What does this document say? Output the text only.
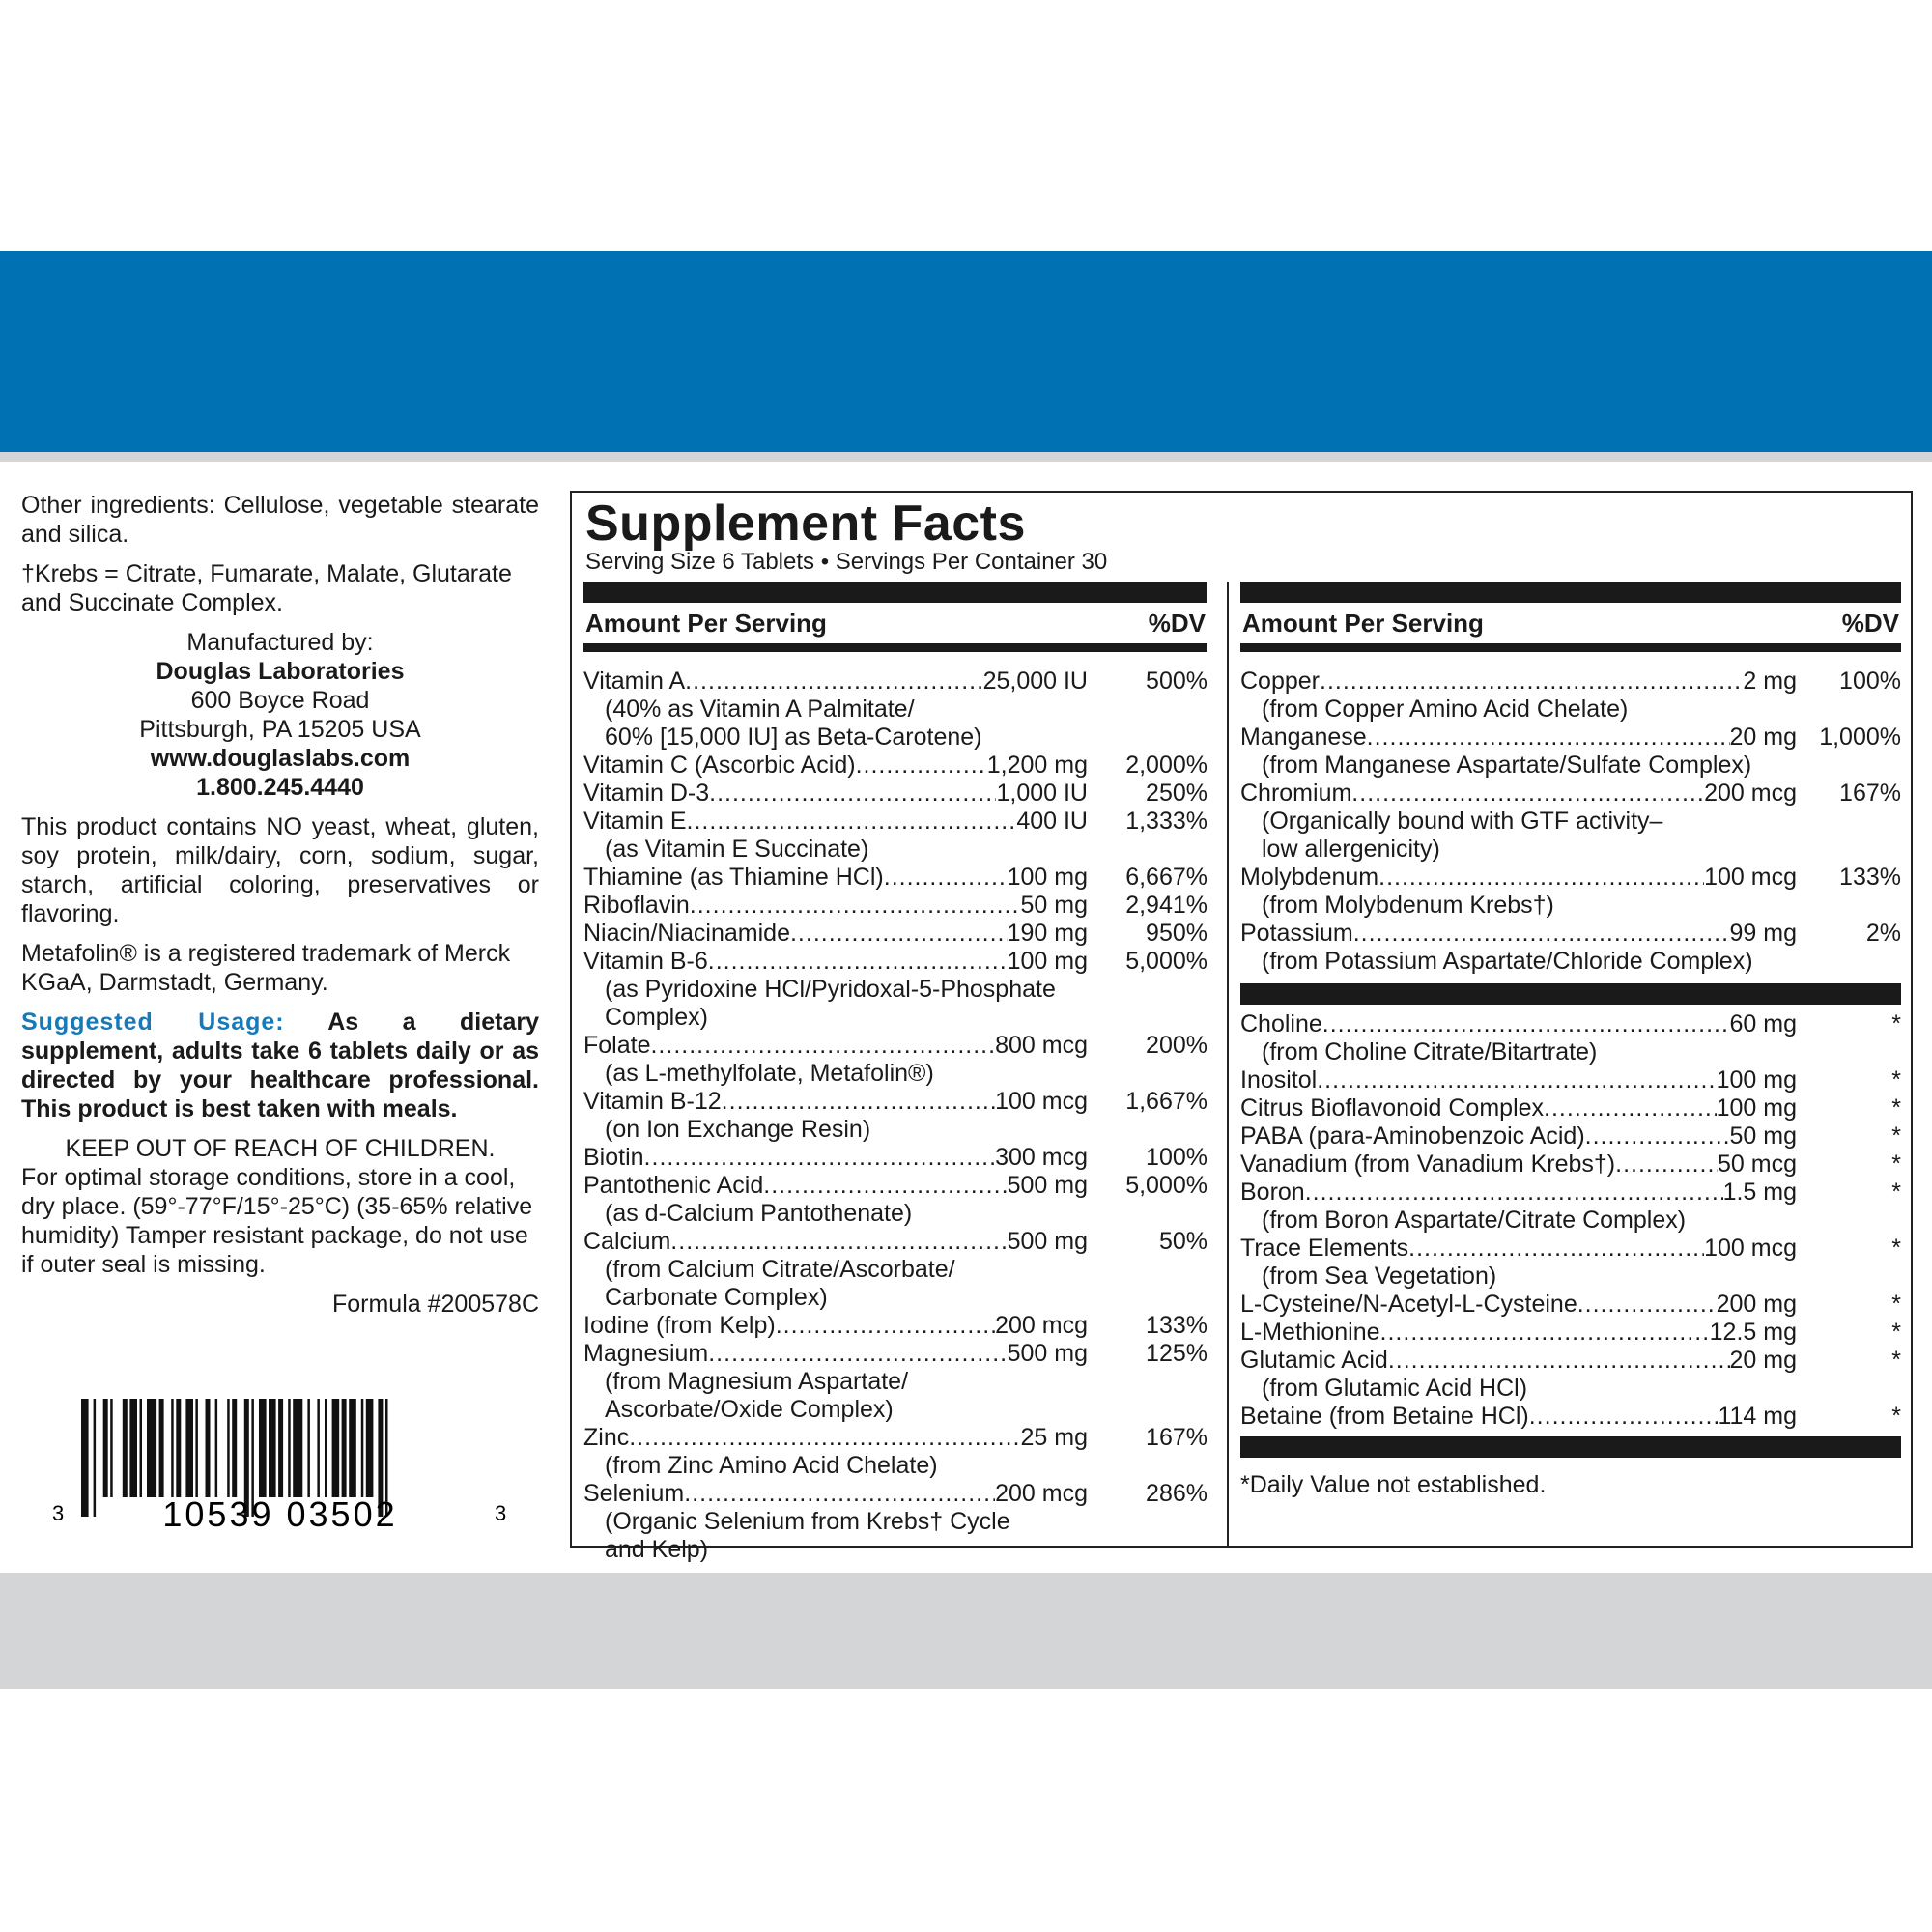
Other ingredients: Cellulose, vegetable stearate and silica.

†Krebs = Citrate, Fumarate, Malate, Glutarate and Succinate Complex.

Manufactured by:
Douglas Laboratories
600 Boyce Road
Pittsburgh, PA 15205 USA
www.douglaslabs.com
1.800.245.4440

This product contains NO yeast, wheat, gluten, soy protein, milk/dairy, corn, sodium, sugar, starch, artificial coloring, preservatives or flavoring.

Metafolin® is a registered trademark of Merck KGaA, Darmstadt, Germany.

Suggested Usage: As a dietary supplement, adults take 6 tablets daily or as directed by your healthcare professional. This product is best taken with meals.

KEEP OUT OF REACH OF CHILDREN.

For optimal storage conditions, store in a cool, dry place. (59°-77°F/15°-25°C) (35-65% relative humidity) Tamper resistant package, do not use if outer seal is missing.

Formula #200578C
3	10539 03502	3
Supplement Facts
Serving Size 6 Tablets • Servings Per Container 30
Amount Per Serving	%DV
Vitamin A .....	25,000 IU	500%
(40% as Vitamin A Palmitate/
60% [15,000 IU] as Beta-Carotene)
Vitamin C (Ascorbic Acid) .....	1,200 mg	2,000%
Vitamin D-3 .....	1,000 IU	250%
Vitamin E .....	400 IU	1,333%
(as Vitamin E Succinate)
Thiamine (as Thiamine HCl) .....	100 mg	6,667%
Riboflavin .....	50 mg	2,941%
Niacin/Niacinamide .....	190 mg	950%
Vitamin B-6 .....	100 mg	5,000%
(as Pyridoxine HCl/Pyridoxal-5-Phosphate
Complex)
Folate .....	800 mcg	200%
(as L-methylfolate, Metafolin®)
Vitamin B-12 .....	100 mcg	1,667%
(on Ion Exchange Resin)
Biotin .....	300 mcg	100%
Pantothenic Acid .....	500 mg	5,000%
(as d-Calcium Pantothenate)
Calcium .....	500 mg	50%
(from Calcium Citrate/Ascorbate/
Carbonate Complex)
Iodine (from Kelp) .....	200 mcg	133%
Magnesium .....	500 mg	125%
(from Magnesium Aspartate/
Ascorbate/Oxide Complex)
Zinc .....	25 mg	167%
(from Zinc Amino Acid Chelate)
Selenium .....	200 mcg	286%
(Organic Selenium from Krebs† Cycle
and Kelp)
Amount Per Serving	%DV
Copper .....	2 mg	100%
(from Copper Amino Acid Chelate)
Manganese .....	20 mg 1,000%
(from Manganese Aspartate/Sulfate Complex)
Chromium .....	200 mcg	167%
(Organically bound with GTF activity–
low allergenicity)
Molybdenum .....	100 mcg	133%
(from Molybdenum Krebs†)
Potassium .....	99 mg	2%
(from Potassium Aspartate/Chloride Complex)
Choline .....	60 mg	*
(from Choline Citrate/Bitartrate)
Inositol .....	100 mg	*
Citrus Bioflavonoid Complex .....	100 mg	*
PABA (para-Aminobenzoic Acid) .....	50 mg	*
Vanadium (from Vanadium Krebs†) .....	50 mcg	*
Boron .....	1.5 mg	*
(from Boron Aspartate/Citrate Complex)
Trace Elements .....	100 mcg	*
(from Sea Vegetation)
L-Cysteine/N-Acetyl-L-Cysteine .....	200 mg	*
L-Methionine .....	12.5 mg	*
Glutamic Acid .....	20 mg	*
(from Glutamic Acid HCl)
Betaine (from Betaine HCl) .....	114 mg	*
*Daily Value not established.
